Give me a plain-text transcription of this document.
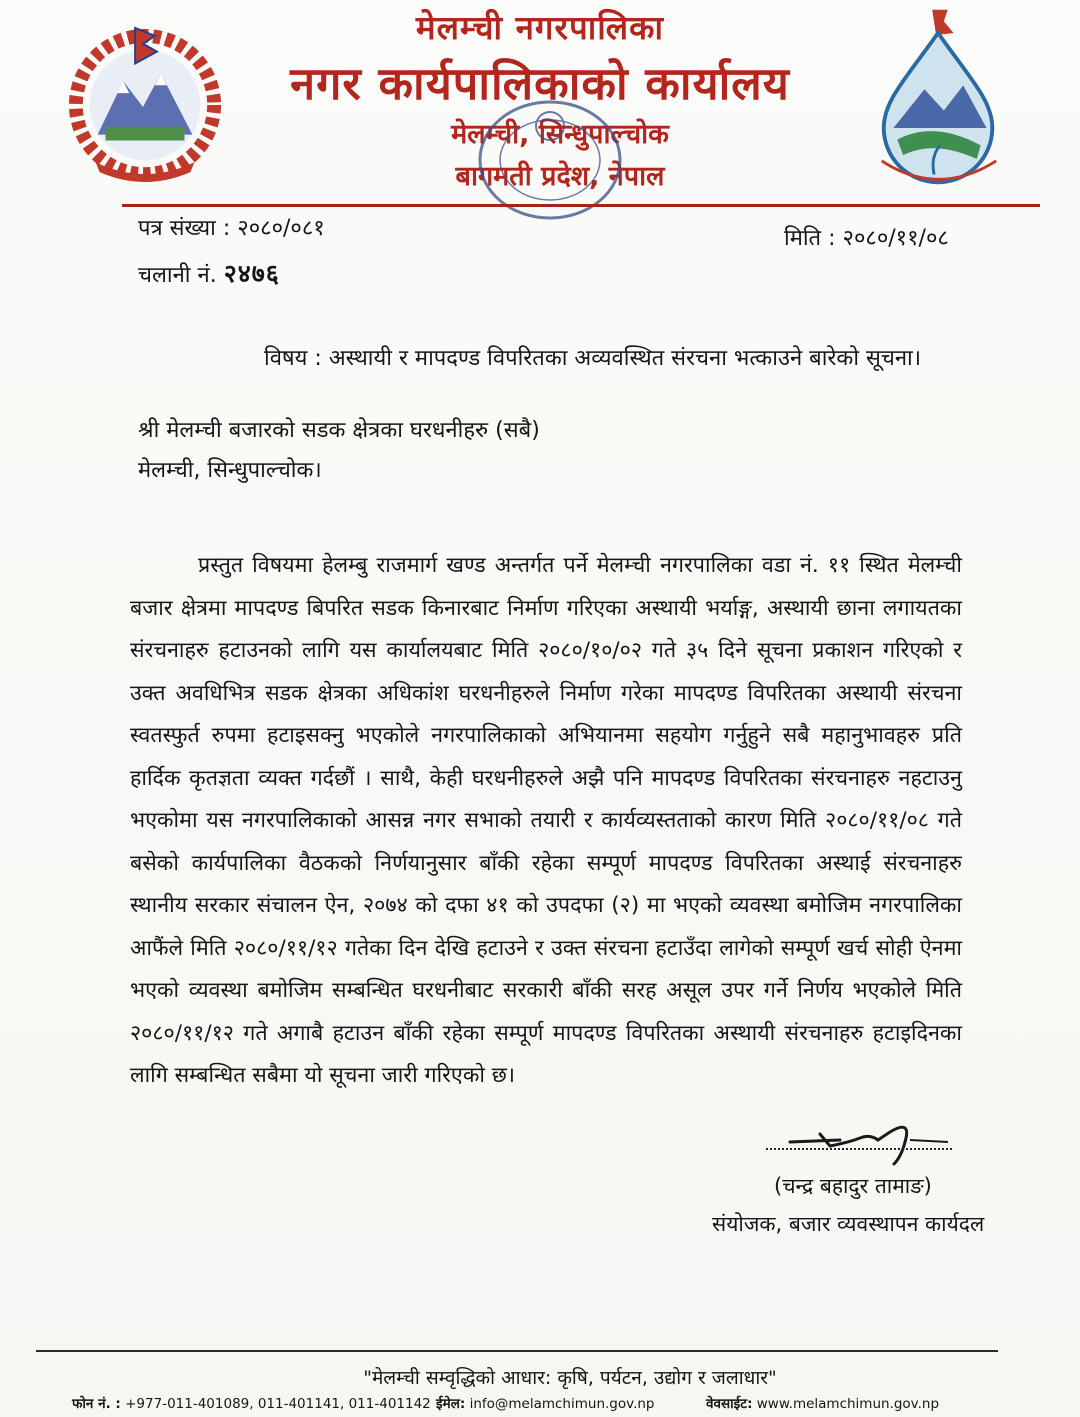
मेलम्ची नगरपालिका
नगर कार्यपालिकाको कार्यालय
मेलम्ची, सिन्धुपाल्चोक
बागमती प्रदेश, नेपाल
पत्र संख्या : २०८०/०८१
चलानी नं. २४७६
मिति : २०८०/११/०८
विषय : अस्थायी र मापदण्ड विपरितका अव्यवस्थित संरचना भत्काउने बारेको सूचना।
श्री मेलम्ची बजारको सडक क्षेत्रका घरधनीहरु (सबै)
मेलम्ची, सिन्धुपाल्चोक।

प्रस्तुत विषयमा हेलम्बु राजमार्ग खण्ड अन्तर्गत पर्ने मेलम्ची नगरपालिका वडा नं. ११ स्थित मेलम्ची बजार क्षेत्रमा मापदण्ड बिपरित सडक किनारबाट निर्माण गरिएका अस्थायी भर्याङ्ग, अस्थायी छाना लगायतका संरचनाहरु हटाउनको लागि यस कार्यालयबाट मिति २०८०/१०/०२ गते ३५ दिने सूचना प्रकाशन गरिएको र उक्त अवधिभित्र सडक क्षेत्रका अधिकांश घरधनीहरुले निर्माण गरेका मापदण्ड विपरितका अस्थायी संरचना स्वतस्फुर्त रुपमा हटाइसक्नु भएकोले नगरपालिकाको अभियानमा सहयोग गर्नुहुने सबै महानुभावहरु प्रति हार्दिक कृतज्ञता व्यक्त गर्दछौं । साथै, केही घरधनीहरुले अझै पनि मापदण्ड विपरितका संरचनाहरु नहटाउनु भएकोमा यस नगरपालिकाको आसन्न नगर सभाको तयारी र कार्यव्यस्तताको कारण मिति २०८०/११/०८ गते बसेको कार्यपालिका वैठकको निर्णयानुसार बाँकी रहेका सम्पूर्ण मापदण्ड विपरितका अस्थाई संरचनाहरु स्थानीय सरकार संचालन ऐन, २०७४ को दफा ४१ को उपदफा (२) मा भएको व्यवस्था बमोजिम नगरपालिका आफैंले मिति २०८०/११/१२ गतेका दिन देखि हटाउने र उक्त संरचना हटाउँदा लागेको सम्पूर्ण खर्च सोही ऐनमा भएको व्यवस्था बमोजिम सम्बन्धित घरधनीबाट सरकारी बाँकी सरह असूल उपर गर्ने निर्णय भएकोले मिति २०८०/११/१२ गते अगाबै हटाउन बाँकी रहेका सम्पूर्ण मापदण्ड विपरितका अस्थायी संरचनाहरु हटाइदिनका लागि सम्बन्धित सबैमा यो सूचना जारी गरिएको छ।

(चन्द्र बहादुर तामाङ)
संयोजक, बजार व्यवस्थापन कार्यदल
"मेलम्ची सम्वृद्धिको आधार: कृषि, पर्यटन, उद्योग र जलाधार"
फोन नं. : +977-011-401089, 011-401141, 011-401142 ईमेल: info@melamchimun.gov.np	वेवसाईट: www.melamchimun.gov.np
